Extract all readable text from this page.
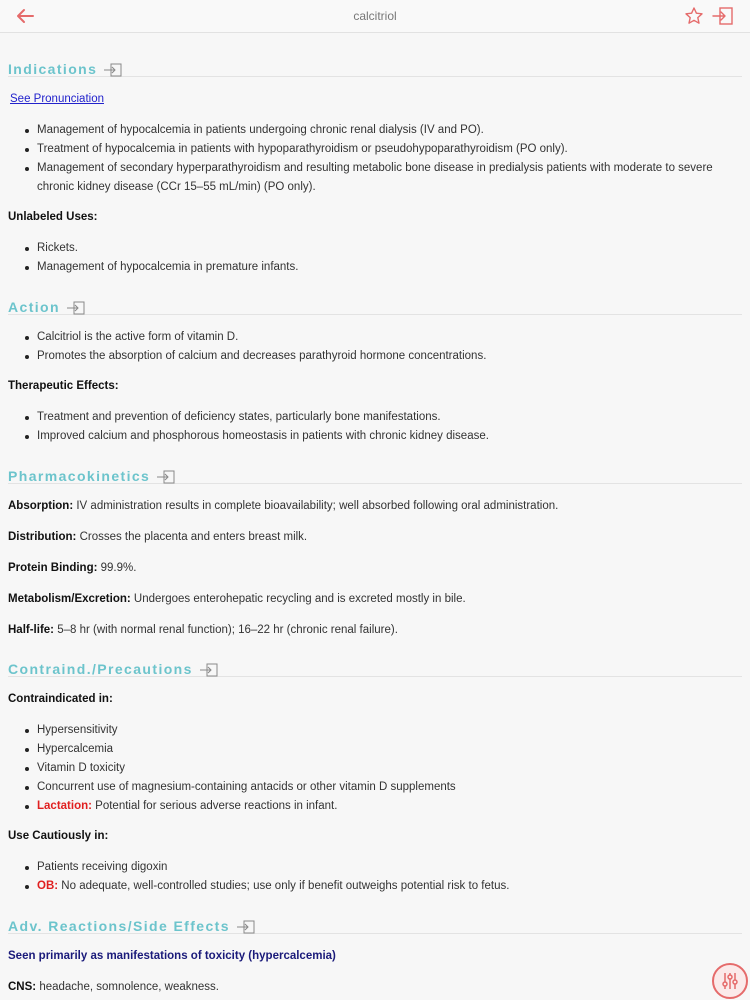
calcitriol
Indications
See Pronunciation
Management of hypocalcemia in patients undergoing chronic renal dialysis (IV and PO).
Treatment of hypocalcemia in patients with hypoparathyroidism or pseudohypoparathyroidism (PO only).
Management of secondary hyperparathyroidism and resulting metabolic bone disease in predialysis patients with moderate to severe chronic kidney disease (CCr 15–55 mL/min) (PO only).
Unlabeled Uses:
Rickets.
Management of hypocalcemia in premature infants.
Action
Calcitriol is the active form of vitamin D.
Promotes the absorption of calcium and decreases parathyroid hormone concentrations.
Therapeutic Effects:
Treatment and prevention of deficiency states, particularly bone manifestations.
Improved calcium and phosphorous homeostasis in patients with chronic kidney disease.
Pharmacokinetics

Absorption: IV administration results in complete bioavailability; well absorbed following oral administration.

Distribution: Crosses the placenta and enters breast milk.

Protein Binding: 99.9%.

Metabolism/Excretion: Undergoes enterohepatic recycling and is excreted mostly in bile.

Half-life: 5–8 hr (with normal renal function); 16–22 hr (chronic renal failure).

Contraind./Precautions
Contraindicated in:
Hypersensitivity
Hypercalcemia
Vitamin D toxicity
Concurrent use of magnesium-containing antacids or other vitamin D supplements
Lactation: Potential for serious adverse reactions in infant.
Use Cautiously in:
Patients receiving digoxin
OB: No adequate, well-controlled studies; use only if benefit outweighs potential risk to fetus.
Adv. Reactions/Side Effects
Seen primarily as manifestations of toxicity (hypercalcemia)

CNS: headache, somnolence, weakness.
